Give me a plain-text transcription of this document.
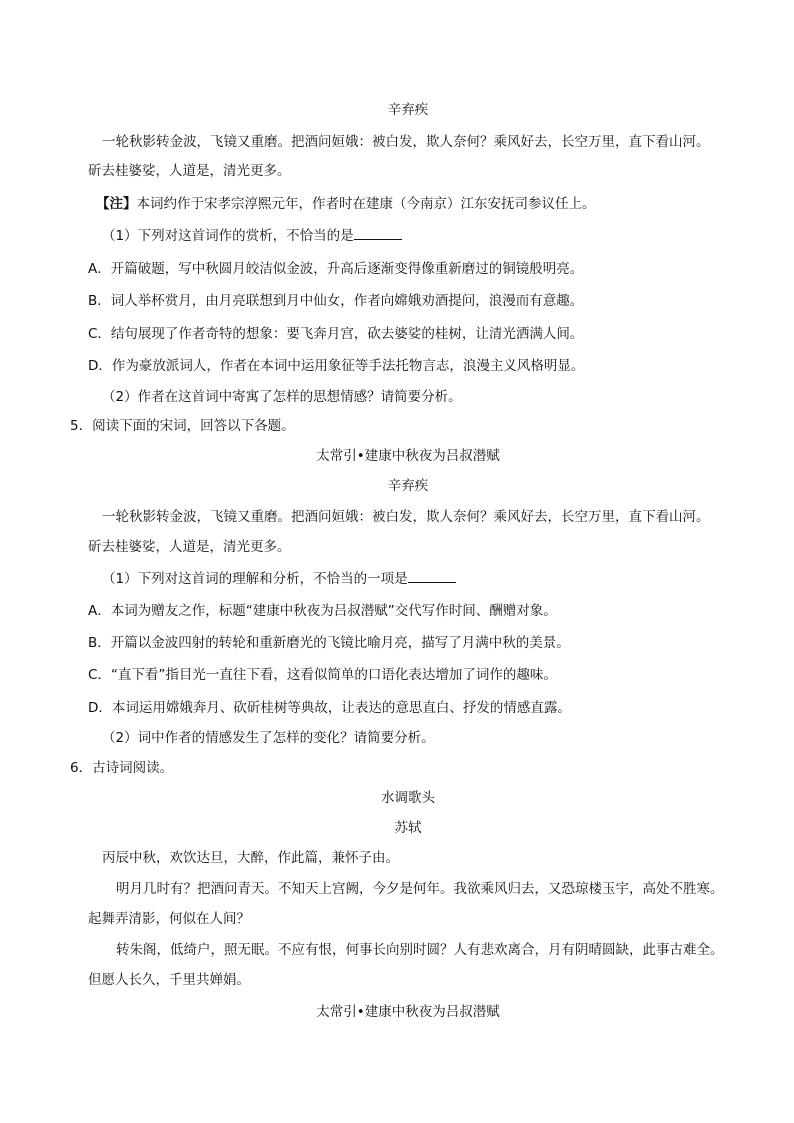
辛弃疾
一轮秋影转金波，飞镜又重磨。把酒问姮娥：被白发，欺人奈何？乘风好去，长空万里，直下看山河。
斫去桂婆娑，人道是，清光更多。
【注】本词约作于宋孝宗淳熙元年，作者时在建康（今南京）江东安抚司参议任上。
（1）下列对这首词作的赏析，不恰当的是
A．开篇破题，写中秋圆月皎洁似金波，升高后逐渐变得像重新磨过的铜镜般明亮。
B．词人举杯赏月，由月亮联想到月中仙女，作者向嫦娥劝酒提问，浪漫而有意趣。
C．结句展现了作者奇特的想象：要飞奔月宫，砍去婆娑的桂树，让清光洒满人间。
D．作为豪放派词人，作者在本词中运用象征等手法托物言志，浪漫主义风格明显。
（2）作者在这首词中寄寓了怎样的思想情感？请简要分析。
5．阅读下面的宋词，回答以下各题。
太常引•建康中秋夜为吕叔潜赋
辛弃疾
一轮秋影转金波，飞镜又重磨。把酒问姮娥：被白发，欺人奈何？乘风好去，长空万里，直下看山河。
斫去桂婆娑，人道是，清光更多。
（1）下列对这首词的理解和分析，不恰当的一项是
A．本词为赠友之作，标题“建康中秋夜为吕叔潜赋”交代写作时间、酬赠对象。
B．开篇以金波四射的转轮和重新磨光的飞镜比喻月亮，描写了月满中秋的美景。
C．“直下看”指目光一直往下看，这看似简单的口语化表达增加了词作的趣味。
D．本词运用嫦娥奔月、砍斫桂树等典故，让表达的意思直白、抒发的情感直露。
（2）词中作者的情感发生了怎样的变化？请简要分析。
6．古诗词阅读。
水调歌头
苏轼
丙辰中秋，欢饮达旦，大醉，作此篇，兼怀子由。
明月几时有？把酒问青天。不知天上宫阙，今夕是何年。我欲乘风归去，又恐琼楼玉宇，高处不胜寒。
起舞弄清影，何似在人间？
转朱阁，低绮户，照无眠。不应有恨，何事长向别时圆？人有悲欢离合，月有阴晴圆缺，此事古难全。
但愿人长久，千里共婵娟。
太常引•建康中秋夜为吕叔潜赋
